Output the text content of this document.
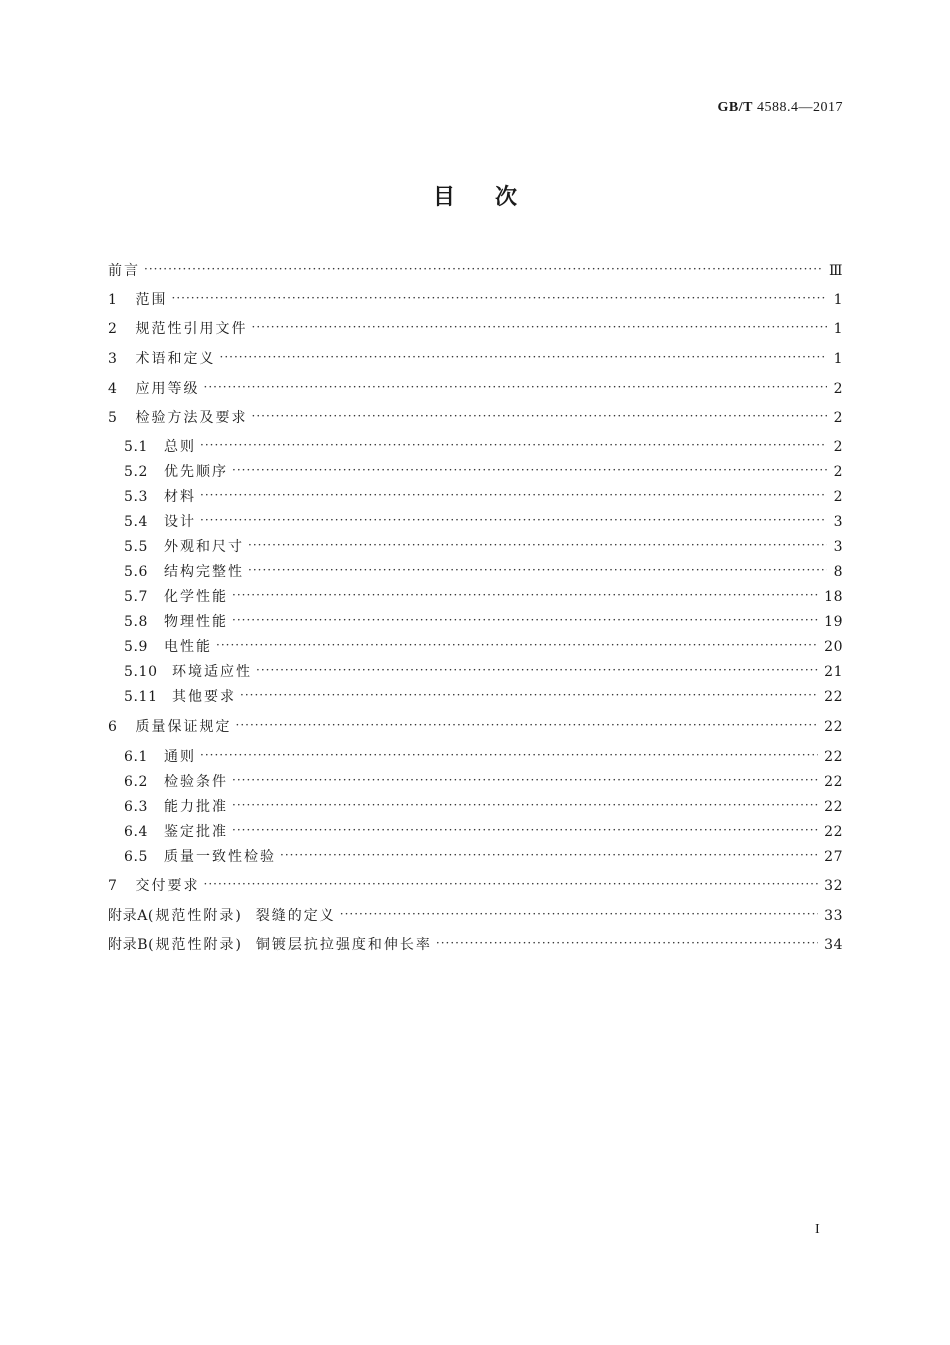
GB/T 4588.4—2017
目次
前言 ·····	Ⅲ
1 范围 ·····	1
2 规范性引用文件 ·····	1
3 术语和定义 ·····	1
4 应用等级 ·····	2
5 检验方法及要求 ·····	2
5.1	总则 ·····	2
5.2	优先顺序 ·····	2
5.3	材料 ·····	2
5.4	设计 ·····	3
5.5	外观和尺寸 ·····	3
5.6	结构完整性 ·····	8
5.7	化学性能 ·····	18
5.8	物理性能 ·····	19
5.9	电性能 ·····	20
5.10	环境适应性 ·····	21
5.11	其他要求 ·····	22
6 质量保证规定 ·····	22
6.1	通则 ·····	22
6.2	检验条件 ·····	22
6.3	能力批准 ·····	22
6.4	鉴定批准 ·····	22
6.5	质量一致性检验 ·····	27
7 交付要求 ·····	32
附录A (规范性附录)  裂缝的定义 ·····	33
附录B (规范性附录)  铜镀层抗拉强度和伸长率 ·····	34
I
